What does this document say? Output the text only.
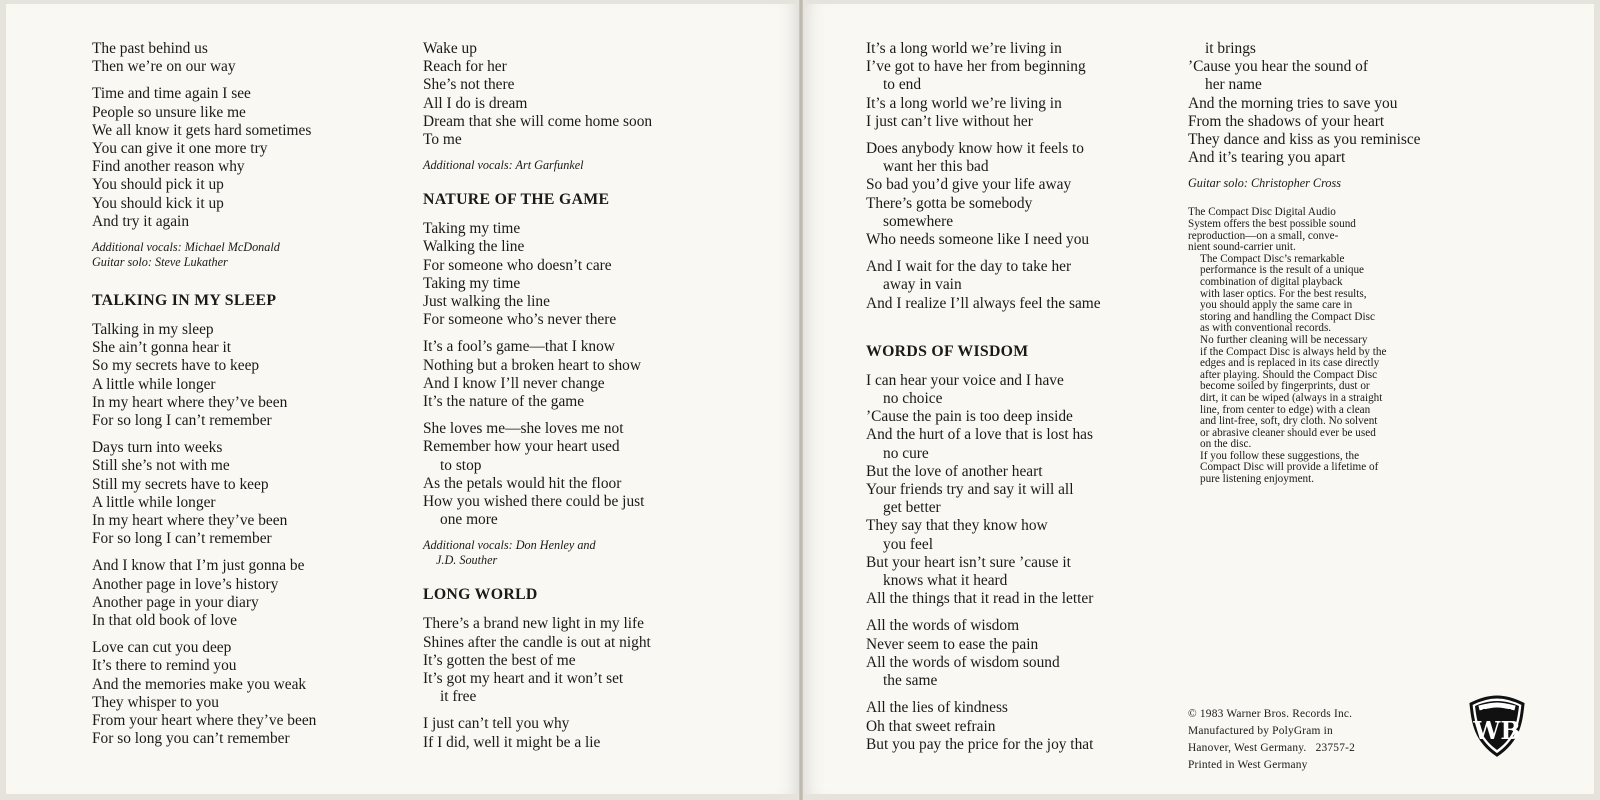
The past behind us
Then we’re on our way
Time and time again I see
People so unsure like me
We all know it gets hard sometimes
You can give it one more try
Find another reason why
You should pick it up
You should kick it up
And try it again
Additional vocals: Michael McDonald
Guitar solo: Steve Lukather
TALKING IN MY SLEEP
Talking in my sleep
She ain’t gonna hear it
So my secrets have to keep
A little while longer
In my heart where they’ve been
For so long I can’t remember
Days turn into weeks
Still she’s not with me
Still my secrets have to keep
A little while longer
In my heart where they’ve been
For so long I can’t remember
And I know that I’m just gonna be
Another page in love’s history
Another page in your diary
In that old book of love
Love can cut you deep
It’s there to remind you
And the memories make you weak
They whisper to you
From your heart where they’ve been
For so long you can’t remember
Wake up
Reach for her
She’s not there
All I do is dream
Dream that she will come home soon
To me
Additional vocals: Art Garfunkel
NATURE OF THE GAME
Taking my time
Walking the line
For someone who doesn’t care
Taking my time
Just walking the line
For someone who’s never there
It’s a fool’s game—that I know
Nothing but a broken heart to show
And I know I’ll never change
It’s the nature of the game
She loves me—she loves me not
Remember how your heart used
to stop
As the petals would hit the floor
How you wished there could be just
one more
Additional vocals: Don Henley and
J.D. Souther
LONG WORLD
There’s a brand new light in my life
Shines after the candle is out at night
It’s gotten the best of me
It’s got my heart and it won’t set
it free
I just can’t tell you why
If I did, well it might be a lie
It’s a long world we’re living in
I’ve got to have her from beginning
to end
It’s a long world we’re living in
I just can’t live without her
Does anybody know how it feels to
want her this bad
So bad you’d give your life away
There’s gotta be somebody
somewhere
Who needs someone like I need you
And I wait for the day to take her
away in vain
And I realize I’ll always feel the same
WORDS OF WISDOM
I can hear your voice and I have
no choice
’Cause the pain is too deep inside
And the hurt of a love that is lost has
no cure
But the love of another heart
Your friends try and say it will all
get better
They say that they know how
you feel
But your heart isn’t sure ’cause it
knows what it heard
All the things that it read in the letter
All the words of wisdom
Never seem to ease the pain
All the words of wisdom sound
the same
All the lies of kindness
Oh that sweet refrain
But you pay the price for the joy that
it brings
’Cause you hear the sound of
her name
And the morning tries to save you
From the shadows of your heart
They dance and kiss as you reminisce
And it’s tearing you apart
Guitar solo: Christopher Cross

The Compact Disc Digital Audio
System offers the best possible sound
reproduction—on a small, conve-
nient sound-carrier unit.

The Compact Disc’s remarkable
performance is the result of a unique
combination of digital playback
with laser optics. For the best results,
you should apply the same care in
storing and handling the Compact Disc
as with conventional records.

No further cleaning will be necessary
if the Compact Disc is always held by the
edges and is replaced in its case directly
after playing. Should the Compact Disc
become soiled by fingerprints, dust or
dirt, it can be wiped (always in a straight
line, from center to edge) with a clean
and lint-free, soft, dry cloth. No solvent
or abrasive cleaner should ever be used
on the disc.

If you follow these suggestions, the
Compact Disc will provide a lifetime of
pure listening enjoyment.

© 1983 Warner Bros. Records Inc.
Manufactured by PolyGram in
Hanover, West Germany.   23757-2
Printed in West Germany
WB
RECORDS
